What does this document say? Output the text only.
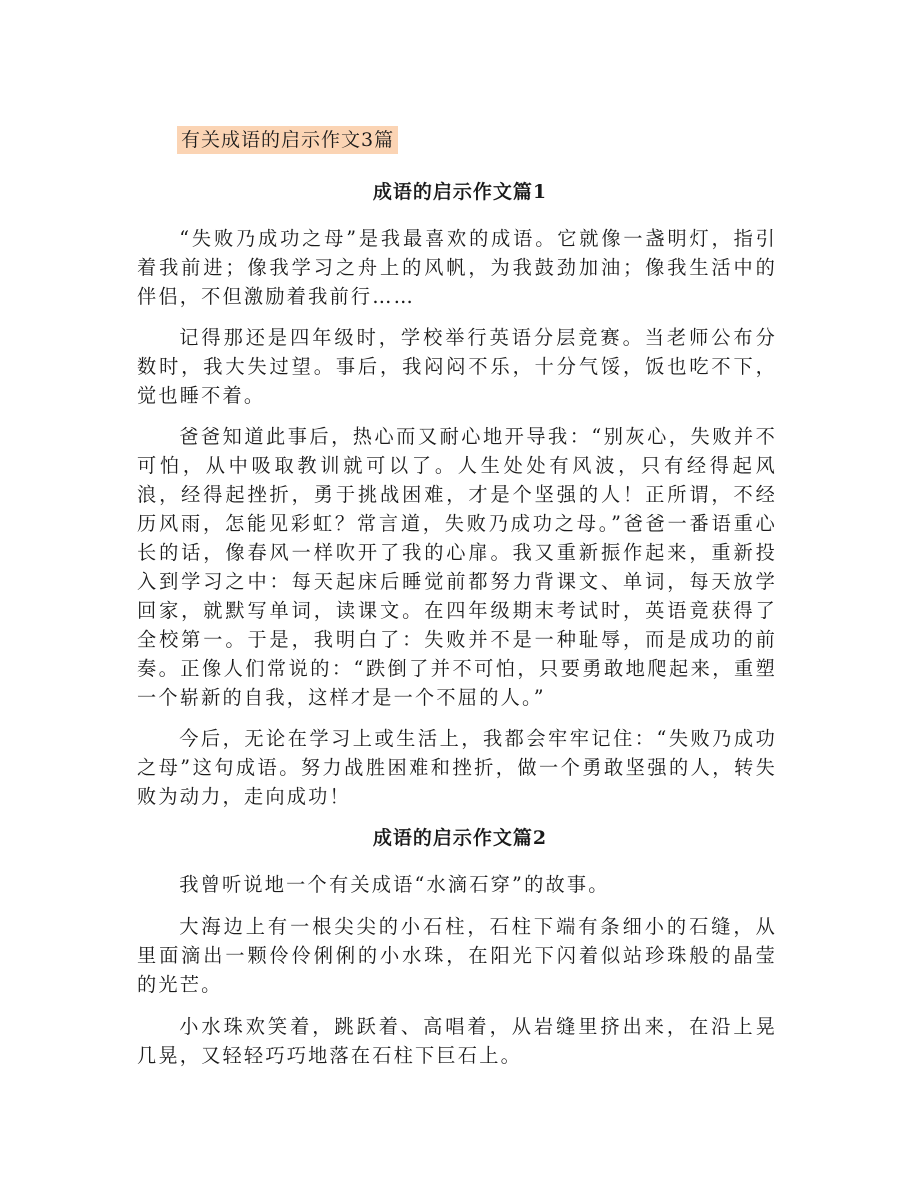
有关成语的启示作文3篇
成语的启示作文篇1

“失败乃成功之母”是我最喜欢的成语。它就像一盏明灯，指引着我前进；像我学习之舟上的风帆，为我鼓劲加油；像我生活中的伴侣，不但激励着我前行……

记得那还是四年级时，学校举行英语分层竞赛。当老师公布分数时，我大失过望。事后，我闷闷不乐，十分气馁，饭也吃不下，觉也睡不着。

爸爸知道此事后，热心而又耐心地开导我：“别灰心，失败并不可怕，从中吸取教训就可以了。人生处处有风波，只有经得起风浪，经得起挫折，勇于挑战困难，才是个坚强的人！正所谓，不经历风雨，怎能见彩虹？常言道，失败乃成功之母。”爸爸一番语重心长的话，像春风一样吹开了我的心扉。我又重新振作起来，重新投入到学习之中：每天起床后睡觉前都努力背课文、单词，每天放学回家，就默写单词，读课文。在四年级期末考试时，英语竟获得了全校第一。于是，我明白了：失败并不是一种耻辱，而是成功的前奏。正像人们常说的：“跌倒了并不可怕，只要勇敢地爬起来，重塑一个崭新的自我，这样才是一个不屈的人。”

今后，无论在学习上或生活上，我都会牢牢记住：“失败乃成功之母”这句成语。努力战胜困难和挫折，做一个勇敢坚强的人，转失败为动力，走向成功！

成语的启示作文篇2

我曾听说地一个有关成语“水滴石穿”的故事。

大海边上有一根尖尖的小石柱，石柱下端有条细小的石缝，从里面滴出一颗伶伶俐俐的小水珠，在阳光下闪着似站珍珠般的晶莹的光芒。

小水珠欢笑着，跳跃着、高唱着，从岩缝里挤出来，在沿上晃几晃，又轻轻巧巧地落在石柱下巨石上。
